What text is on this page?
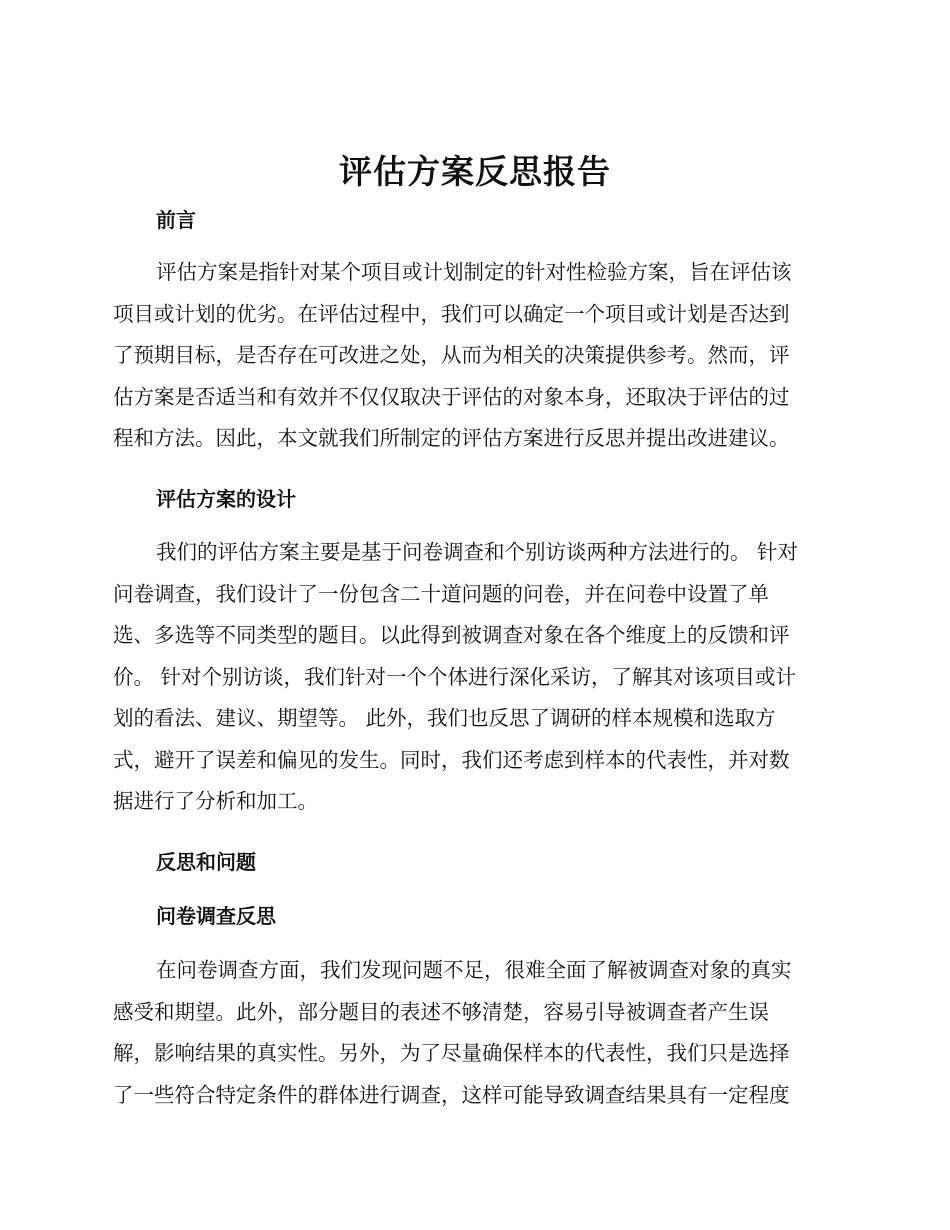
评估方案反思报告
前言
评估方案是指针对某个项目或计划制定的针对性检验方案，旨在评估该
项目或计划的优劣。在评估过程中，我们可以确定一个项目或计划是否达到
了预期目标，是否存在可改进之处，从而为相关的决策提供参考。然而，评
估方案是否适当和有效并不仅仅取决于评估的对象本身，还取决于评估的过
程和方法。因此，本文就我们所制定的评估方案进行反思并提出改进建议。
评估方案的设计
我们的评估方案主要是基于问卷调查和个别访谈两种方法进行的。 针对
问卷调查，我们设计了一份包含二十道问题的问卷，并在问卷中设置了单
选、多选等不同类型的题目。以此得到被调查对象在各个维度上的反馈和评
价。 针对个别访谈，我们针对一个个体进行深化采访，了解其对该项目或计
划的看法、建议、期望等。 此外，我们也反思了调研的样本规模和选取方
式，避开了误差和偏见的发生。同时，我们还考虑到样本的代表性，并对数
据进行了分析和加工。
反思和问题
问卷调查反思
在问卷调查方面，我们发现问题不足，很难全面了解被调查对象的真实
感受和期望。此外，部分题目的表述不够清楚，容易引导被调查者产生误
解，影响结果的真实性。另外，为了尽量确保样本的代表性，我们只是选择
了一些符合特定条件的群体进行调查，这样可能导致调查结果具有一定程度
